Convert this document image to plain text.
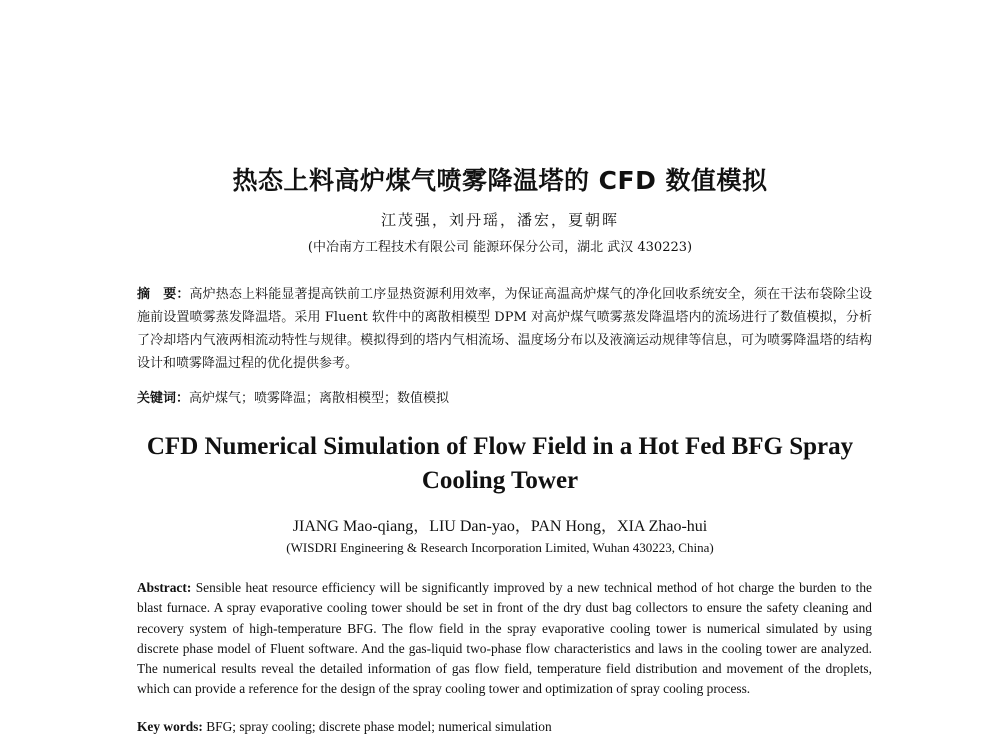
热态上料高炉煤气喷雾降温塔的 CFD 数值模拟
江茂强，刘丹瑶，潘宏，夏朝晖
(中冶南方工程技术有限公司 能源环保分公司，湖北 武汉 430223)
摘　要：高炉热态上料能显著提高铁前工序显热资源利用效率，为保证高温高炉煤气的净化回收系统安全，须在干法布袋除尘设施前设置喷雾蒸发降温塔。采用 Fluent 软件中的离散相模型 DPM 对高炉煤气喷雾蒸发降温塔内的流场进行了数值模拟，分析了冷却塔内气液两相流动特性与规律。模拟得到的塔内气相流场、温度场分布以及液滴运动规律等信息，可为喷雾降温塔的结构设计和喷雾降温过程的优化提供参考。
关键词：高炉煤气；喷雾降温；离散相模型；数值模拟
CFD Numerical Simulation of Flow Field in a Hot Fed BFG Spray Cooling Tower
JIANG Mao-qiang，LIU Dan-yao，PAN Hong，XIA Zhao-hui
(WISDRI Engineering & Research Incorporation Limited, Wuhan 430223, China)
Abstract: Sensible heat resource efficiency will be significantly improved by a new technical method of hot charge the burden to the blast furnace. A spray evaporative cooling tower should be set in front of the dry dust bag collectors to ensure the safety cleaning and recovery system of high-temperature BFG. The flow field in the spray evaporative cooling tower is numerical simulated by using discrete phase model of Fluent software. And the gas-liquid two-phase flow characteristics and laws in the cooling tower are analyzed. The numerical results reveal the detailed information of gas flow field, temperature field distribution and movement of the droplets, which can provide a reference for the design of the spray cooling tower and optimization of spray cooling process.
Key words: BFG; spray cooling; discrete phase model; numerical simulation
